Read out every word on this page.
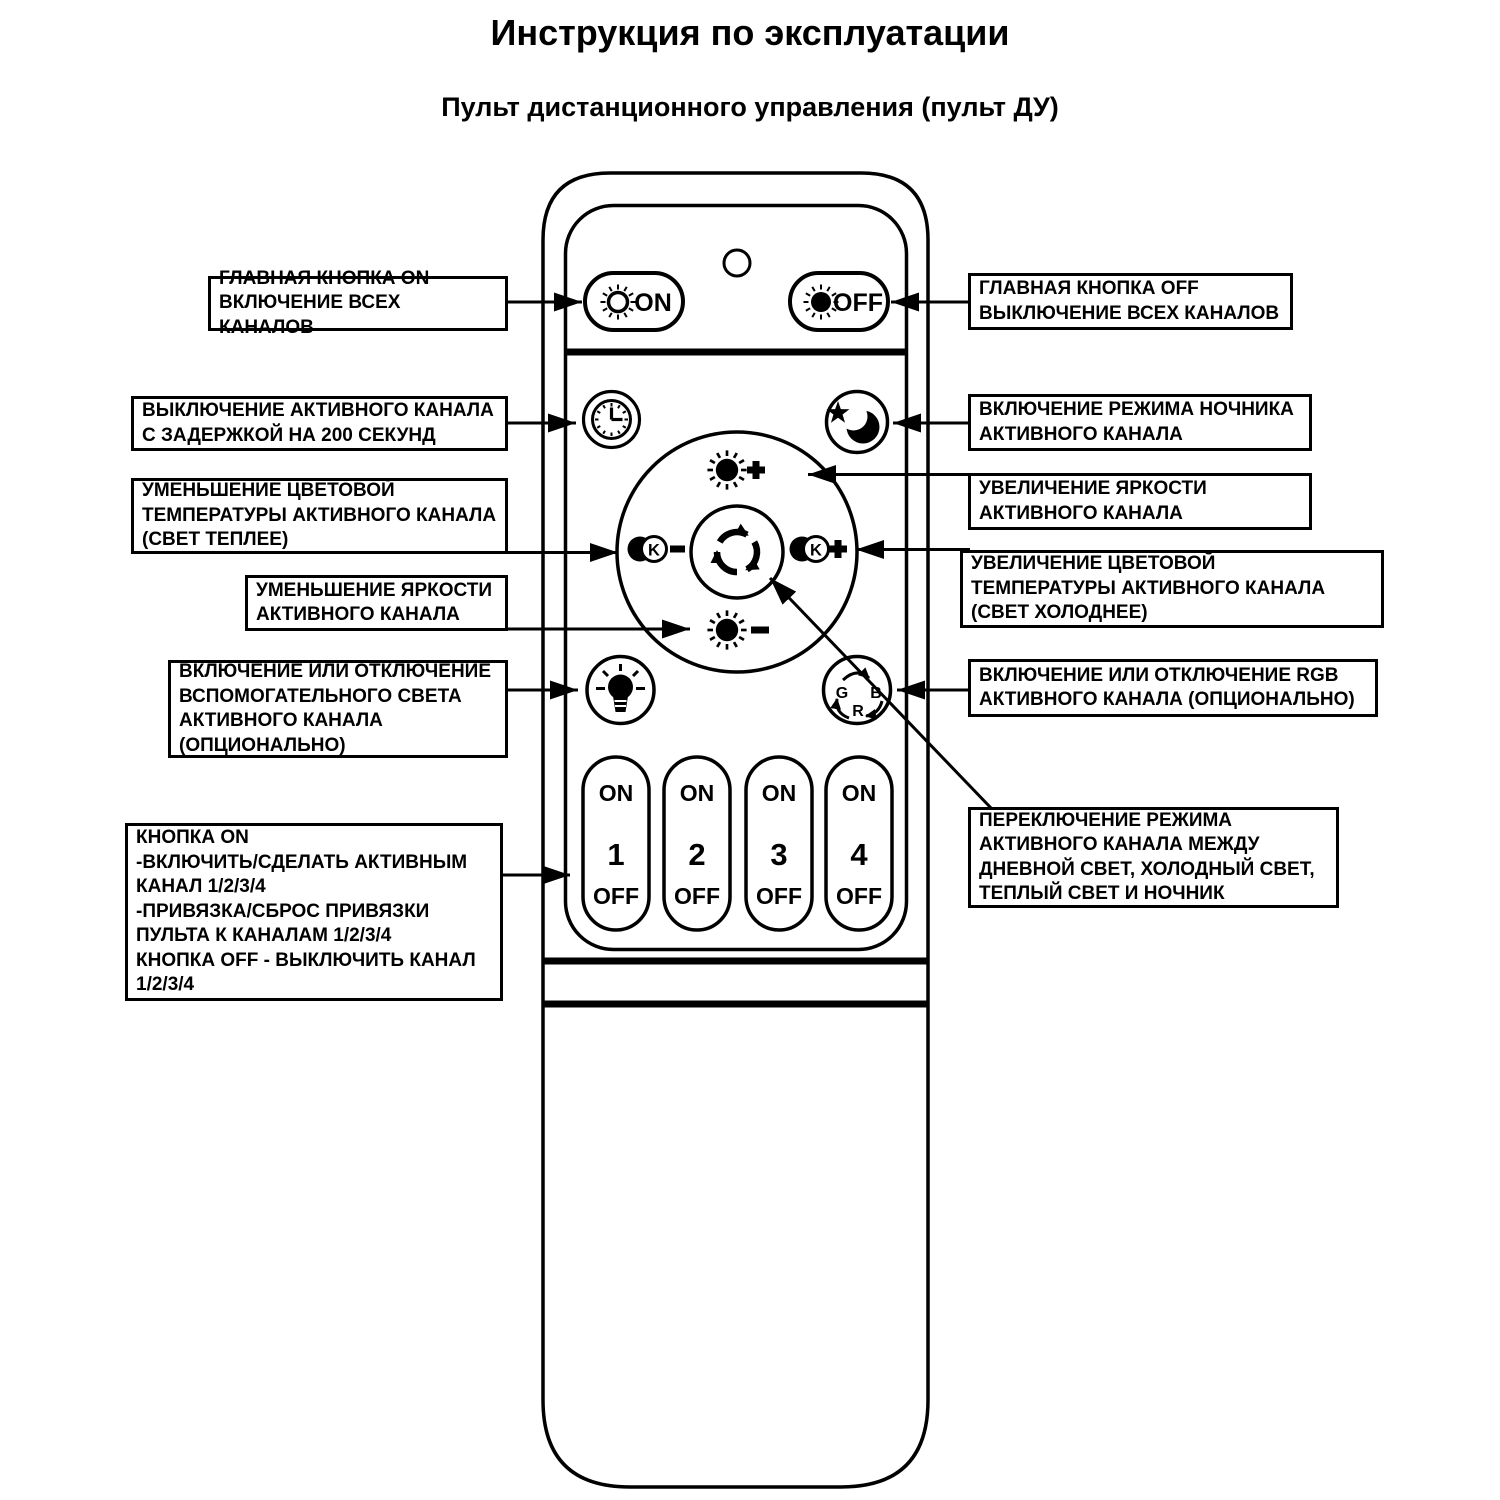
Инструкция по эксплуатации
Пульт дистанционного управления (пульт ДУ)
ON	OFF
K	K
G B
R
ON
1
OFF
ON
2
OFF
ON
3
OFF
ON
4
OFF
ГЛАВНАЯ КНОПКА ON
ВКЛЮЧЕНИЕ ВСЕХ КАНАЛОВ
ВЫКЛЮЧЕНИЕ АКТИВНОГО КАНАЛА
С ЗАДЕРЖКОЙ НА 200 СЕКУНД
УМЕНЬШЕНИЕ ЦВЕТОВОЙ
ТЕМПЕРАТУРЫ АКТИВНОГО КАНАЛА
(СВЕТ ТЕПЛЕЕ)
УМЕНЬШЕНИЕ ЯРКОСТИ
АКТИВНОГО КАНАЛА
ВКЛЮЧЕНИЕ ИЛИ ОТКЛЮЧЕНИЕ
ВСПОМОГАТЕЛЬНОГО СВЕТА
АКТИВНОГО КАНАЛА
(ОПЦИОНАЛЬНО)
КНОПКА ON
-ВКЛЮЧИТЬ/СДЕЛАТЬ АКТИВНЫМ
КАНАЛ 1/2/3/4
-ПРИВЯЗКА/СБРОС ПРИВЯЗКИ
ПУЛЬТА К КАНАЛАМ 1/2/3/4
КНОПКА OFF - ВЫКЛЮЧИТЬ КАНАЛ
1/2/3/4
ГЛАВНАЯ КНОПКА OFF
ВЫКЛЮЧЕНИЕ ВСЕХ КАНАЛОВ
ВКЛЮЧЕНИЕ РЕЖИМА НОЧНИКА
АКТИВНОГО КАНАЛА
УВЕЛИЧЕНИЕ ЯРКОСТИ
АКТИВНОГО КАНАЛА
УВЕЛИЧЕНИЕ ЦВЕТОВОЙ
ТЕМПЕРАТУРЫ АКТИВНОГО КАНАЛА
(СВЕТ ХОЛОДНЕЕ)
ВКЛЮЧЕНИЕ ИЛИ ОТКЛЮЧЕНИЕ RGB
АКТИВНОГО КАНАЛА (ОПЦИОНАЛЬНО)
ПЕРЕКЛЮЧЕНИЕ РЕЖИМА
АКТИВНОГО КАНАЛА МЕЖДУ
ДНЕВНОЙ СВЕТ, ХОЛОДНЫЙ СВЕТ,
ТЕПЛЫЙ СВЕТ И НОЧНИК
